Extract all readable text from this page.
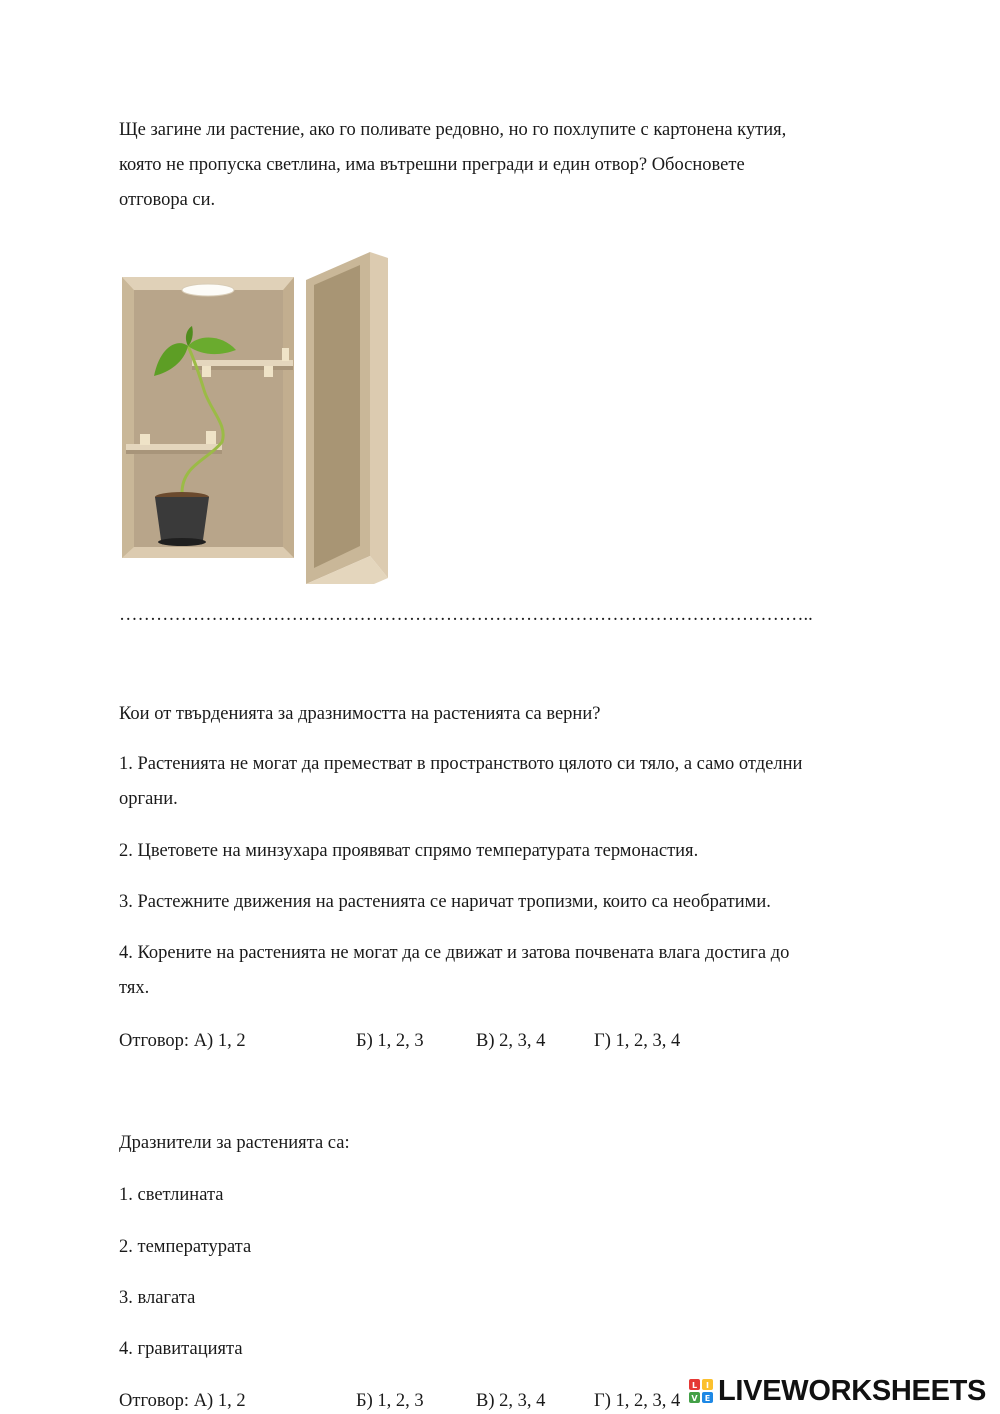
Ще загине ли растение, ако го поливате редовно, но го похлупите с картонена кутия,
която не пропуска светлина, има вътрешни прегради и един отвор? Обосновете
отговора си.
…………………………………………………………………………………………………..
Кои от твърденията за дразнимостта на растенията са верни?
1. Растенията не могат да преместват в пространството цялото си тяло, а само отделни
органи.
2. Цветовете на минзухара проявяват спрямо температурата термонастия.
3. Растежните движения на растенията се наричат тропизми, които са необратими.
4. Корените на растенията не могат да се движат и затова почвената влага достига до
тях.
Отговор: А) 1, 2	Б) 1, 2, 3	В) 2, 3, 4	Г) 1, 2, 3, 4
Дразнители за растенията са:
1. светлината
2. температурата
3. влагата
4. гравитацията
Отговор: А) 1, 2	Б) 1, 2, 3	В) 2, 3, 4	Г) 1, 2, 3, 4
L I
V E LIVEWORKSHEETS
